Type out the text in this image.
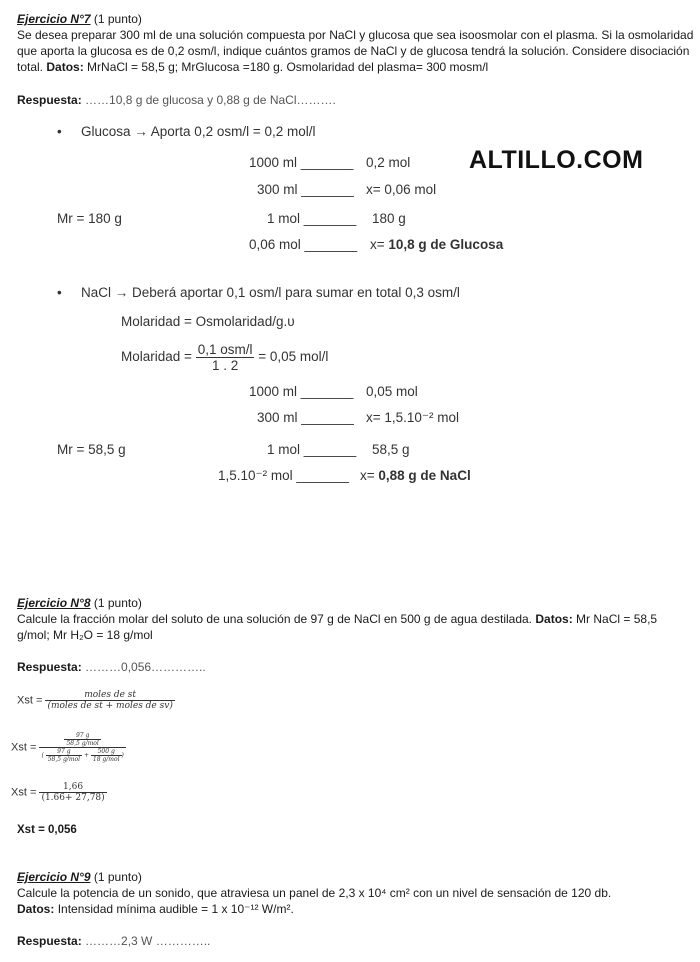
Ejercicio N°7 (1 punto)
Se desea preparar 300 ml de una solución compuesta por NaCl y glucosa que sea isoosmolar con el plasma. Si la osmolaridad
que aporta la glucosa es de 0,2 osm/l, indique cuántos gramos de NaCl y de glucosa tendrá la solución. Considere disociación
total. Datos: MrNaCl = 58,5 g; MrGlucosa =180 g. Osmolaridad del plasma= 300 mosm/l
Respuesta: ……10,8 g de glucosa y 0,88 g de NaCl……….
• Glucosa → Aporta 0,2 osm/l = 0,2 mol/l
1000 ml _______ 0,2 mol ALTILLO.COM
300 ml _______ x= 0,06 mol
Mr = 180 g	1 mol _______ 180 g
0,06 mol _______ x= 10,8 g de Glucosa
• NaCl → Deberá aportar 0,1 osm/l para sumar en total 0,3 osm/l
Molaridad = Osmolaridad/g.υ
Molaridad = $\frac{\text{0,1 osm/l}}{1 . 2} = 0,05$ mol/l
1000 ml _______ 0,05 mol
300 ml _______ x= 1,5.10⁻² mol
Mr = 58,5 g	1 mol _______ 58,5 g
1,5.10⁻² mol _______ x= 0,88 g de NaCl
Ejercicio N°8 (1 punto)
Calcule la fracción molar del soluto de una solución de 97 g de NaCl en 500 g de agua destilada. Datos: Mr NaCl = 58,5
g/mol; Mr H₂O = 18 g/mol
Respuesta: ………0,056…………..
Xst = $\frac{\text{moles de st}}{\text{(moles de st + moles de sv)}}$
Xst =
$\frac{97 g}{\text{58,5 g/mol}}$
( $\frac{97 g}{\text{58,5 g/mol}} + \frac{500 g}{\text{18 g/mol}}$ )
Xst = $\frac{1,66}{(1.66+ 27,78)}$
Xst = 0,056
Ejercicio N°9 (1 punto)
Calcule la potencia de un sonido, que atraviesa un panel de 2,3 x 10⁴ cm² con un nivel de sensación de 120 db.
Datos: Intensidad mínima audible = 1 x 10⁻¹² W/m².
Respuesta: ………2,3 W …………..
